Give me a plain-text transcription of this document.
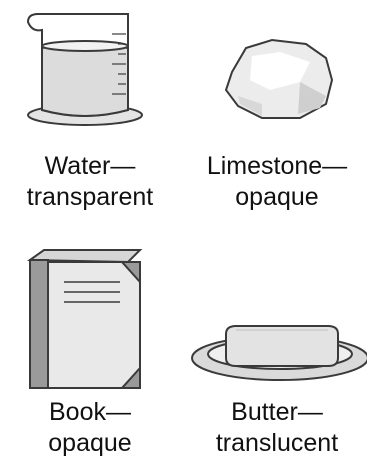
Water—
transparent
Limestone—
opaque
Book—
opaque
Butter—
translucent
